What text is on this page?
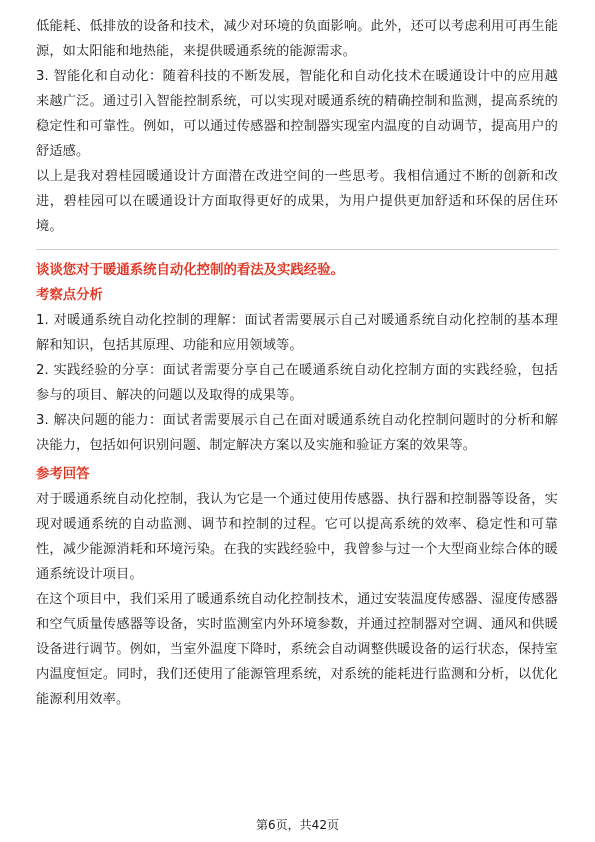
低能耗、低排放的设备和技术，减少对环境的负面影响。此外，还可以考虑利用可再生能源，如太阳能和地热能，来提供暖通系统的能源需求。

3. 智能化和自动化：随着科技的不断发展，智能化和自动化技术在暖通设计中的应用越来越广泛。通过引入智能控制系统，可以实现对暖通系统的精确控制和监测，提高系统的稳定性和可靠性。例如，可以通过传感器和控制器实现室内温度的自动调节，提高用户的舒适感。

以上是我对碧桂园暖通设计方面潜在改进空间的一些思考。我相信通过不断的创新和改进，碧桂园可以在暖通设计方面取得更好的成果，为用户提供更加舒适和环保的居住环境。

谈谈您对于暖通系统自动化控制的看法及实践经验。

考察点分析

1. 对暖通系统自动化控制的理解：面试者需要展示自己对暖通系统自动化控制的基本理解和知识，包括其原理、功能和应用领域等。

2. 实践经验的分享：面试者需要分享自己在暖通系统自动化控制方面的实践经验，包括参与的项目、解决的问题以及取得的成果等。

3. 解决问题的能力：面试者需要展示自己在面对暖通系统自动化控制问题时的分析和解决能力，包括如何识别问题、制定解决方案以及实施和验证方案的效果等。

参考回答

对于暖通系统自动化控制，我认为它是一个通过使用传感器、执行器和控制器等设备，实现对暖通系统的自动监测、调节和控制的过程。它可以提高系统的效率、稳定性和可靠性，减少能源消耗和环境污染。在我的实践经验中，我曾参与过一个大型商业综合体的暖通系统设计项目。

在这个项目中，我们采用了暖通系统自动化控制技术，通过安装温度传感器、湿度传感器和空气质量传感器等设备，实时监测室内外环境参数，并通过控制器对空调、通风和供暖设备进行调节。例如，当室外温度下降时，系统会自动调整供暖设备的运行状态，保持室内温度恒定。同时，我们还使用了能源管理系统，对系统的能耗进行监测和分析，以优化能源利用效率。

第6页，共42页
